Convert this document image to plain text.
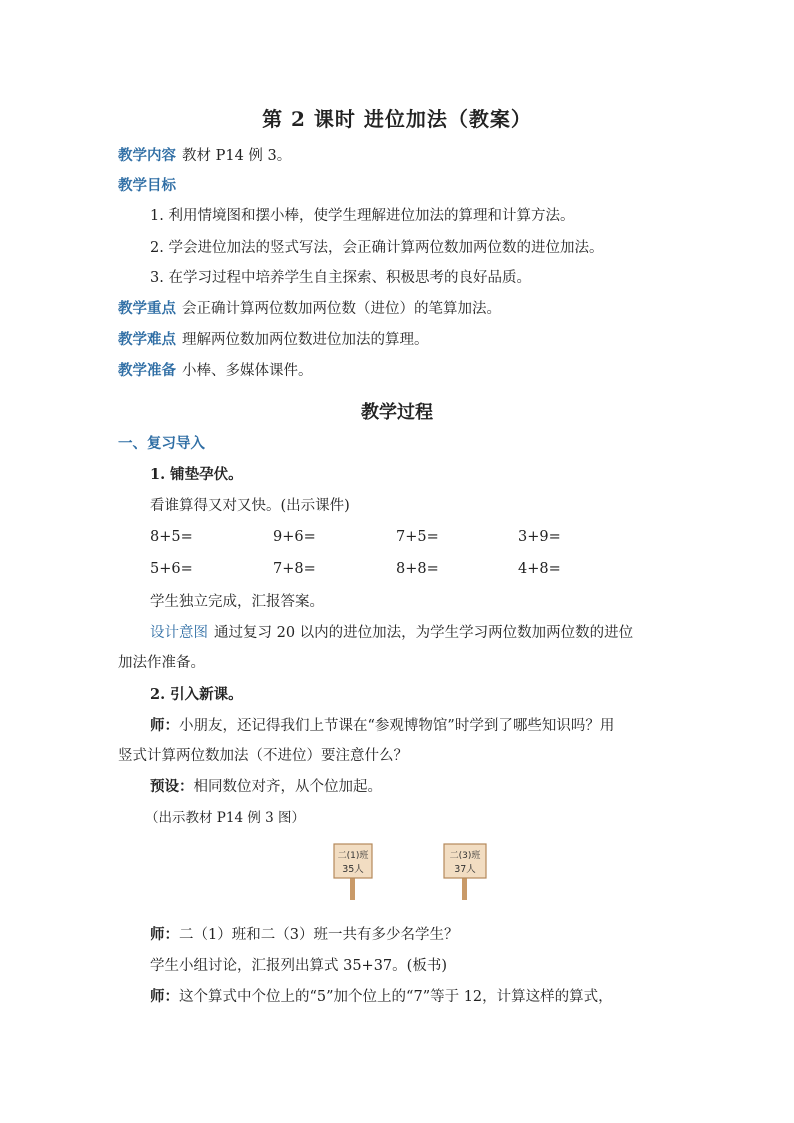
第 2 课时 进位加法（教案）
教学内容 教材 P14 例 3。
教学目标
1. 利用情境图和摆小棒，使学生理解进位加法的算理和计算方法。
2. 学会进位加法的竖式写法，会正确计算两位数加两位数的进位加法。
3. 在学习过程中培养学生自主探索、积极思考的良好品质。
教学重点 会正确计算两位数加两位数（进位）的笔算加法。
教学难点 理解两位数加两位数进位加法的算理。
教学准备 小棒、多媒体课件。
教学过程
一、复习导入
1. 铺垫孕伏。
看谁算得又对又快。(出示课件)
8+5=	9+6=	7+5=	3+9=
5+6=	7+8=	8+8=	4+8=
学生独立完成，汇报答案。
设计意图 通过复习 20 以内的进位加法，为学生学习两位数加两位数的进位
加法作准备。
2. 引入新课。
师：小朋友，还记得我们上节课在“参观博物馆”时学到了哪些知识吗？用
竖式计算两位数加法（不进位）要注意什么？
预设：相同数位对齐，从个位加起。
（出示教材 P14 例 3 图）
二(1)班
35人
二(3)班
37人
师：二（1）班和二（3）班一共有多少名学生？
学生小组讨论，汇报列出算式 35+37。(板书)
师：这个算式中个位上的“5”加个位上的“7”等于 12，计算这样的算式，
